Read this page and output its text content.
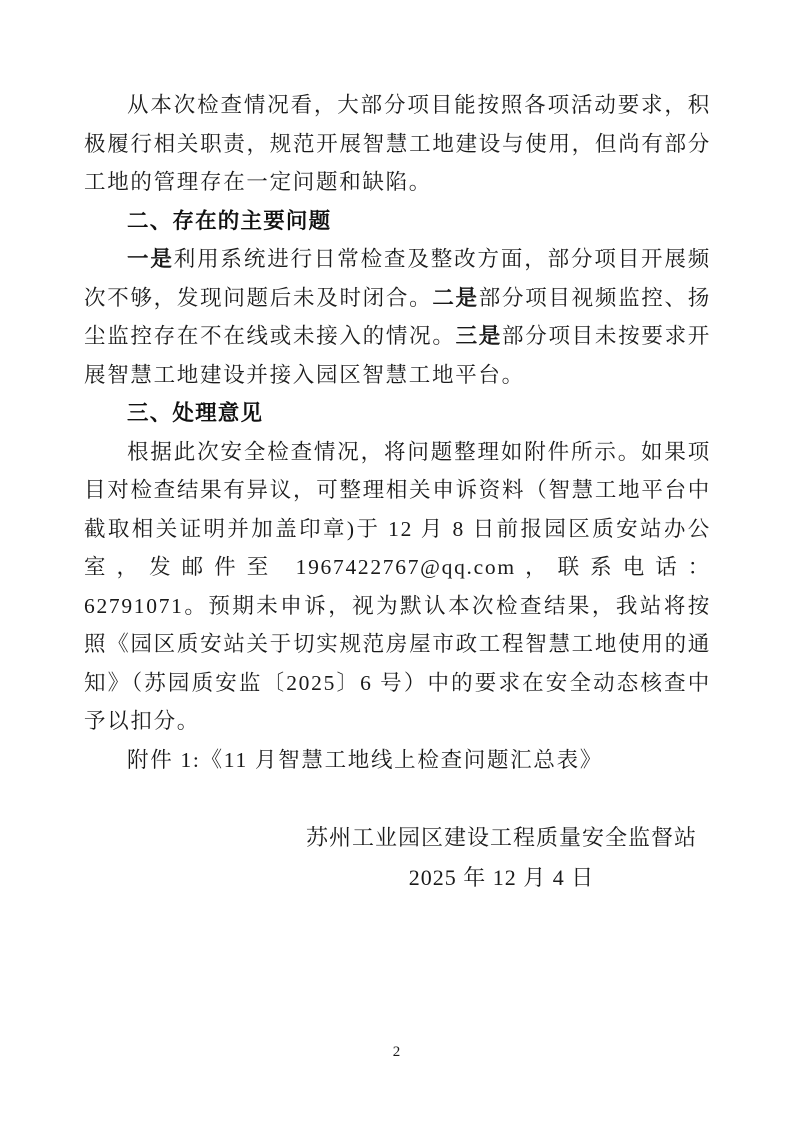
从本次检查情况看，大部分项目能按照各项活动要求，积极履行相关职责，规范开展智慧工地建设与使用，但尚有部分工地的管理存在一定问题和缺陷。

二、存在的主要问题

一是利用系统进行日常检查及整改方面，部分项目开展频次不够，发现问题后未及时闭合。二是部分项目视频监控、扬尘监控存在不在线或未接入的情况。三是部分项目未按要求开展智慧工地建设并接入园区智慧工地平台。

三、处理意见

根据此次安全检查情况，将问题整理如附件所示。如果项目对检查结果有异议，可整理相关申诉资料（智慧工地平台中截取相关证明并加盖印章)于 12 月 8 日前报园区质安站办公室，发邮件至 1967422767@qq.com，联系电话：62791071。预期未申诉，视为默认本次检查结果，我站将按照《园区质安站关于切实规范房屋市政工程智慧工地使用的通知》（苏园质安监〔2025〕6 号）中的要求在安全动态核查中予以扣分。

附件 1:《11 月智慧工地线上检查问题汇总表》

苏州工业园区建设工程质量安全监督站
2025 年 12 月 4 日
2
